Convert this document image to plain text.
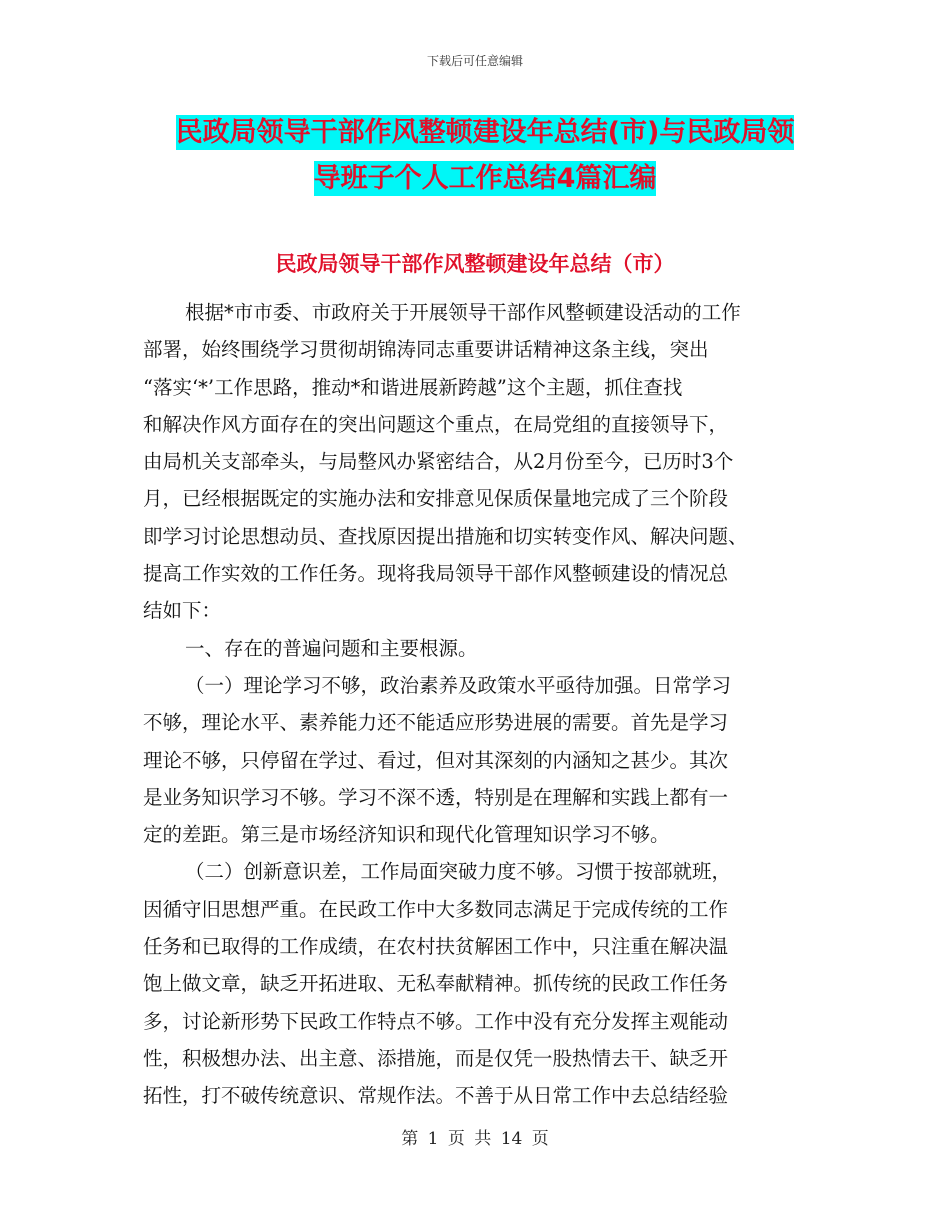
下载后可任意编辑
民政局领导干部作风整顿建设年总结(市)与民政局领
导班子个人工作总结4篇汇编
民政局领导干部作风整顿建设年总结（市）
根据*市市委、市政府关于开展领导干部作风整顿建设活动的工作
部署，始终围绕学习贯彻胡锦涛同志重要讲话精神这条主线，突出
“落实‘*’工作思路，推动*和谐进展新跨越”这个主题，抓住查找
和解决作风方面存在的突出问题这个重点，在局党组的直接领导下，
由局机关支部牵头，与局整风办紧密结合，从2月份至今，已历时3个
月，已经根据既定的实施办法和安排意见保质保量地完成了三个阶段
即学习讨论思想动员、查找原因提出措施和切实转变作风、解决问题、
提高工作实效的工作任务。现将我局领导干部作风整顿建设的情况总
结如下：
一、存在的普遍问题和主要根源。
（一）理论学习不够，政治素养及政策水平亟待加强。日常学习
不够，理论水平、素养能力还不能适应形势进展的需要。首先是学习
理论不够，只停留在学过、看过，但对其深刻的内涵知之甚少。其次
是业务知识学习不够。学习不深不透，特别是在理解和实践上都有一
定的差距。第三是市场经济知识和现代化管理知识学习不够。
（二）创新意识差，工作局面突破力度不够。习惯于按部就班，
因循守旧思想严重。在民政工作中大多数同志满足于完成传统的工作
任务和已取得的工作成绩，在农村扶贫解困工作中，只注重在解决温
饱上做文章，缺乏开拓进取、无私奉献精神。抓传统的民政工作任务
多，讨论新形势下民政工作特点不够。工作中没有充分发挥主观能动
性，积极想办法、出主意、添措施，而是仅凭一股热情去干、缺乏开
拓性，打不破传统意识、常规作法。不善于从日常工作中去总结经验
第 1 页 共 14 页
